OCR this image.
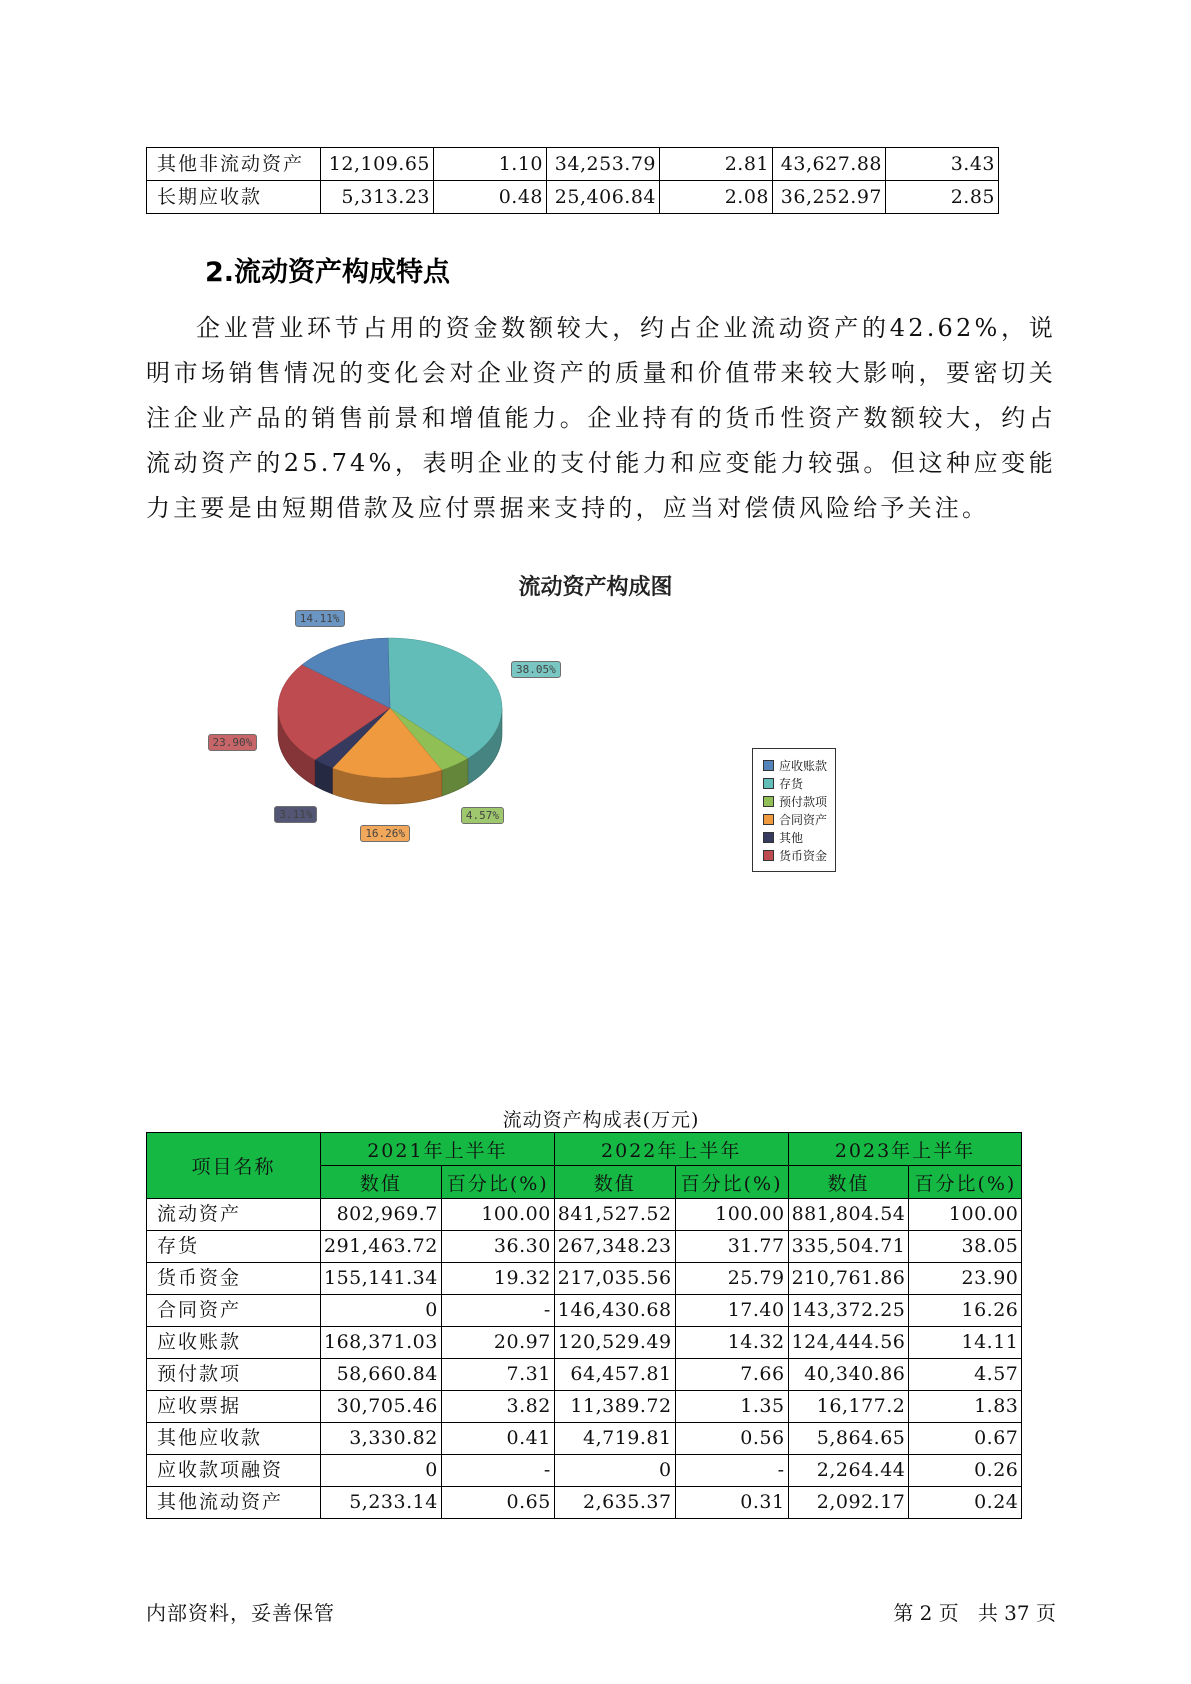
其他非流动资产	12,109.65	1.10	34,253.79	2.81	43,627.88	3.43
长期应收款	5,313.23	0.48	25,406.84	2.08	36,252.97	2.85
2.流动资产构成特点

企业营业环节占用的资金数额较大，约占企业流动资产的42.62%，说明市场销售情况的变化会对企业资产的质量和价值带来较大影响，要密切关注企业产品的销售前景和增值能力。企业持有的货币性资产数额较大，约占流动资产的25.74%，表明企业的支付能力和应变能力较强。但这种应变能力主要是由短期借款及应付票据来支持的，应当对偿债风险给予关注。

流动资产构成图
38.05%
4.57%
16.26%
3.11%
23.90%
14.11%
应收账款
存货
预付款项
合同资产
其他
货币资金
流动资产构成表(万元)
项目名称	2021年上半年		2022年上半年		2023年上半年	
	数值	百分比(%)	数值	百分比(%)	数值	百分比(%)
流动资产	802,969.7	100.00	841,527.52	100.00	881,804.54	100.00
存货	291,463.72	36.30	267,348.23	31.77	335,504.71	38.05
货币资金	155,141.34	19.32	217,035.56	25.79	210,761.86	23.90
合同资产	0	-	146,430.68	17.40	143,372.25	16.26
应收账款	168,371.03	20.97	120,529.49	14.32	124,444.56	14.11
预付款项	58,660.84	7.31	64,457.81	7.66	40,340.86	4.57
应收票据	30,705.46	3.82	11,389.72	1.35	16,177.2	1.83
其他应收款	3,330.82	0.41	4,719.81	0.56	5,864.65	0.67
应收款项融资	0	-	0	-	2,264.44	0.26
其他流动资产	5,233.14	0.65	2,635.37	0.31	2,092.17	0.24
内部资料，妥善保管	第 2 页   共 37 页
